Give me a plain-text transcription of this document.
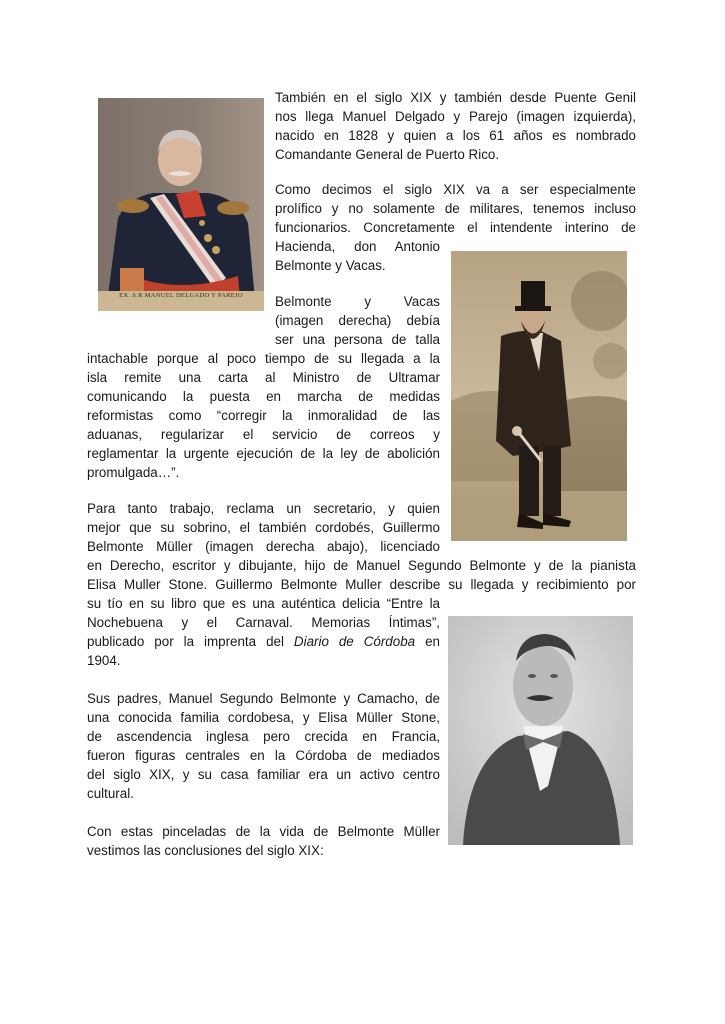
También en el siglo XIX y también desde Puente Genil
nos llega Manuel Delgado y Parejo (imagen izquierda),
nacido en 1828 y quien a los 61 años es nombrado
Comandante General de Puerto Rico.
Como decimos el siglo XIX va a ser especialmente
prolífico y no solamente de militares, tenemos incluso
funcionarios. Concretamente el intendente interino de
Hacienda, don Antonio
Belmonte y Vacas.
Belmonte y Vacas
(imagen derecha) debía
ser una persona de talla
intachable porque al poco tiempo de su llegada a la
isla remite una carta al Ministro de Ultramar
comunicando la puesta en marcha de medidas
reformistas como “corregir la inmoralidad de las
aduanas, regularizar el servicio de correos y
reglamentar la urgente ejecución de la ley de abolición
promulgada…”.
Para tanto trabajo, reclama un secretario, y quien
mejor que su sobrino, el también cordobés, Guillermo
Belmonte Müller (imagen derecha abajo), licenciado
en Derecho, escritor y dibujante, hijo de Manuel Segundo Belmonte y de la pianista
Elisa Muller Stone. Guillermo Belmonte Muller describe su llegada y recibimiento por
su tío en su libro que es una auténtica delicia “Entre la
Nochebuena y el Carnaval. Memorias Íntimas”,
publicado por la imprenta del Diario de Córdoba en
1904.
Sus padres, Manuel Segundo Belmonte y Camacho, de
una conocida familia cordobesa, y Elisa Müller Stone,
de ascendencia inglesa pero crecida en Francia,
fueron figuras centrales en la Córdoba de mediados
del siglo XIX, y su casa familiar era un activo centro
cultural.
Con estas pinceladas de la vida de Belmonte Müller
vestimos las conclusiones del siglo XIX:
EX. S.R MANUEL DELGADO Y PAREJO
